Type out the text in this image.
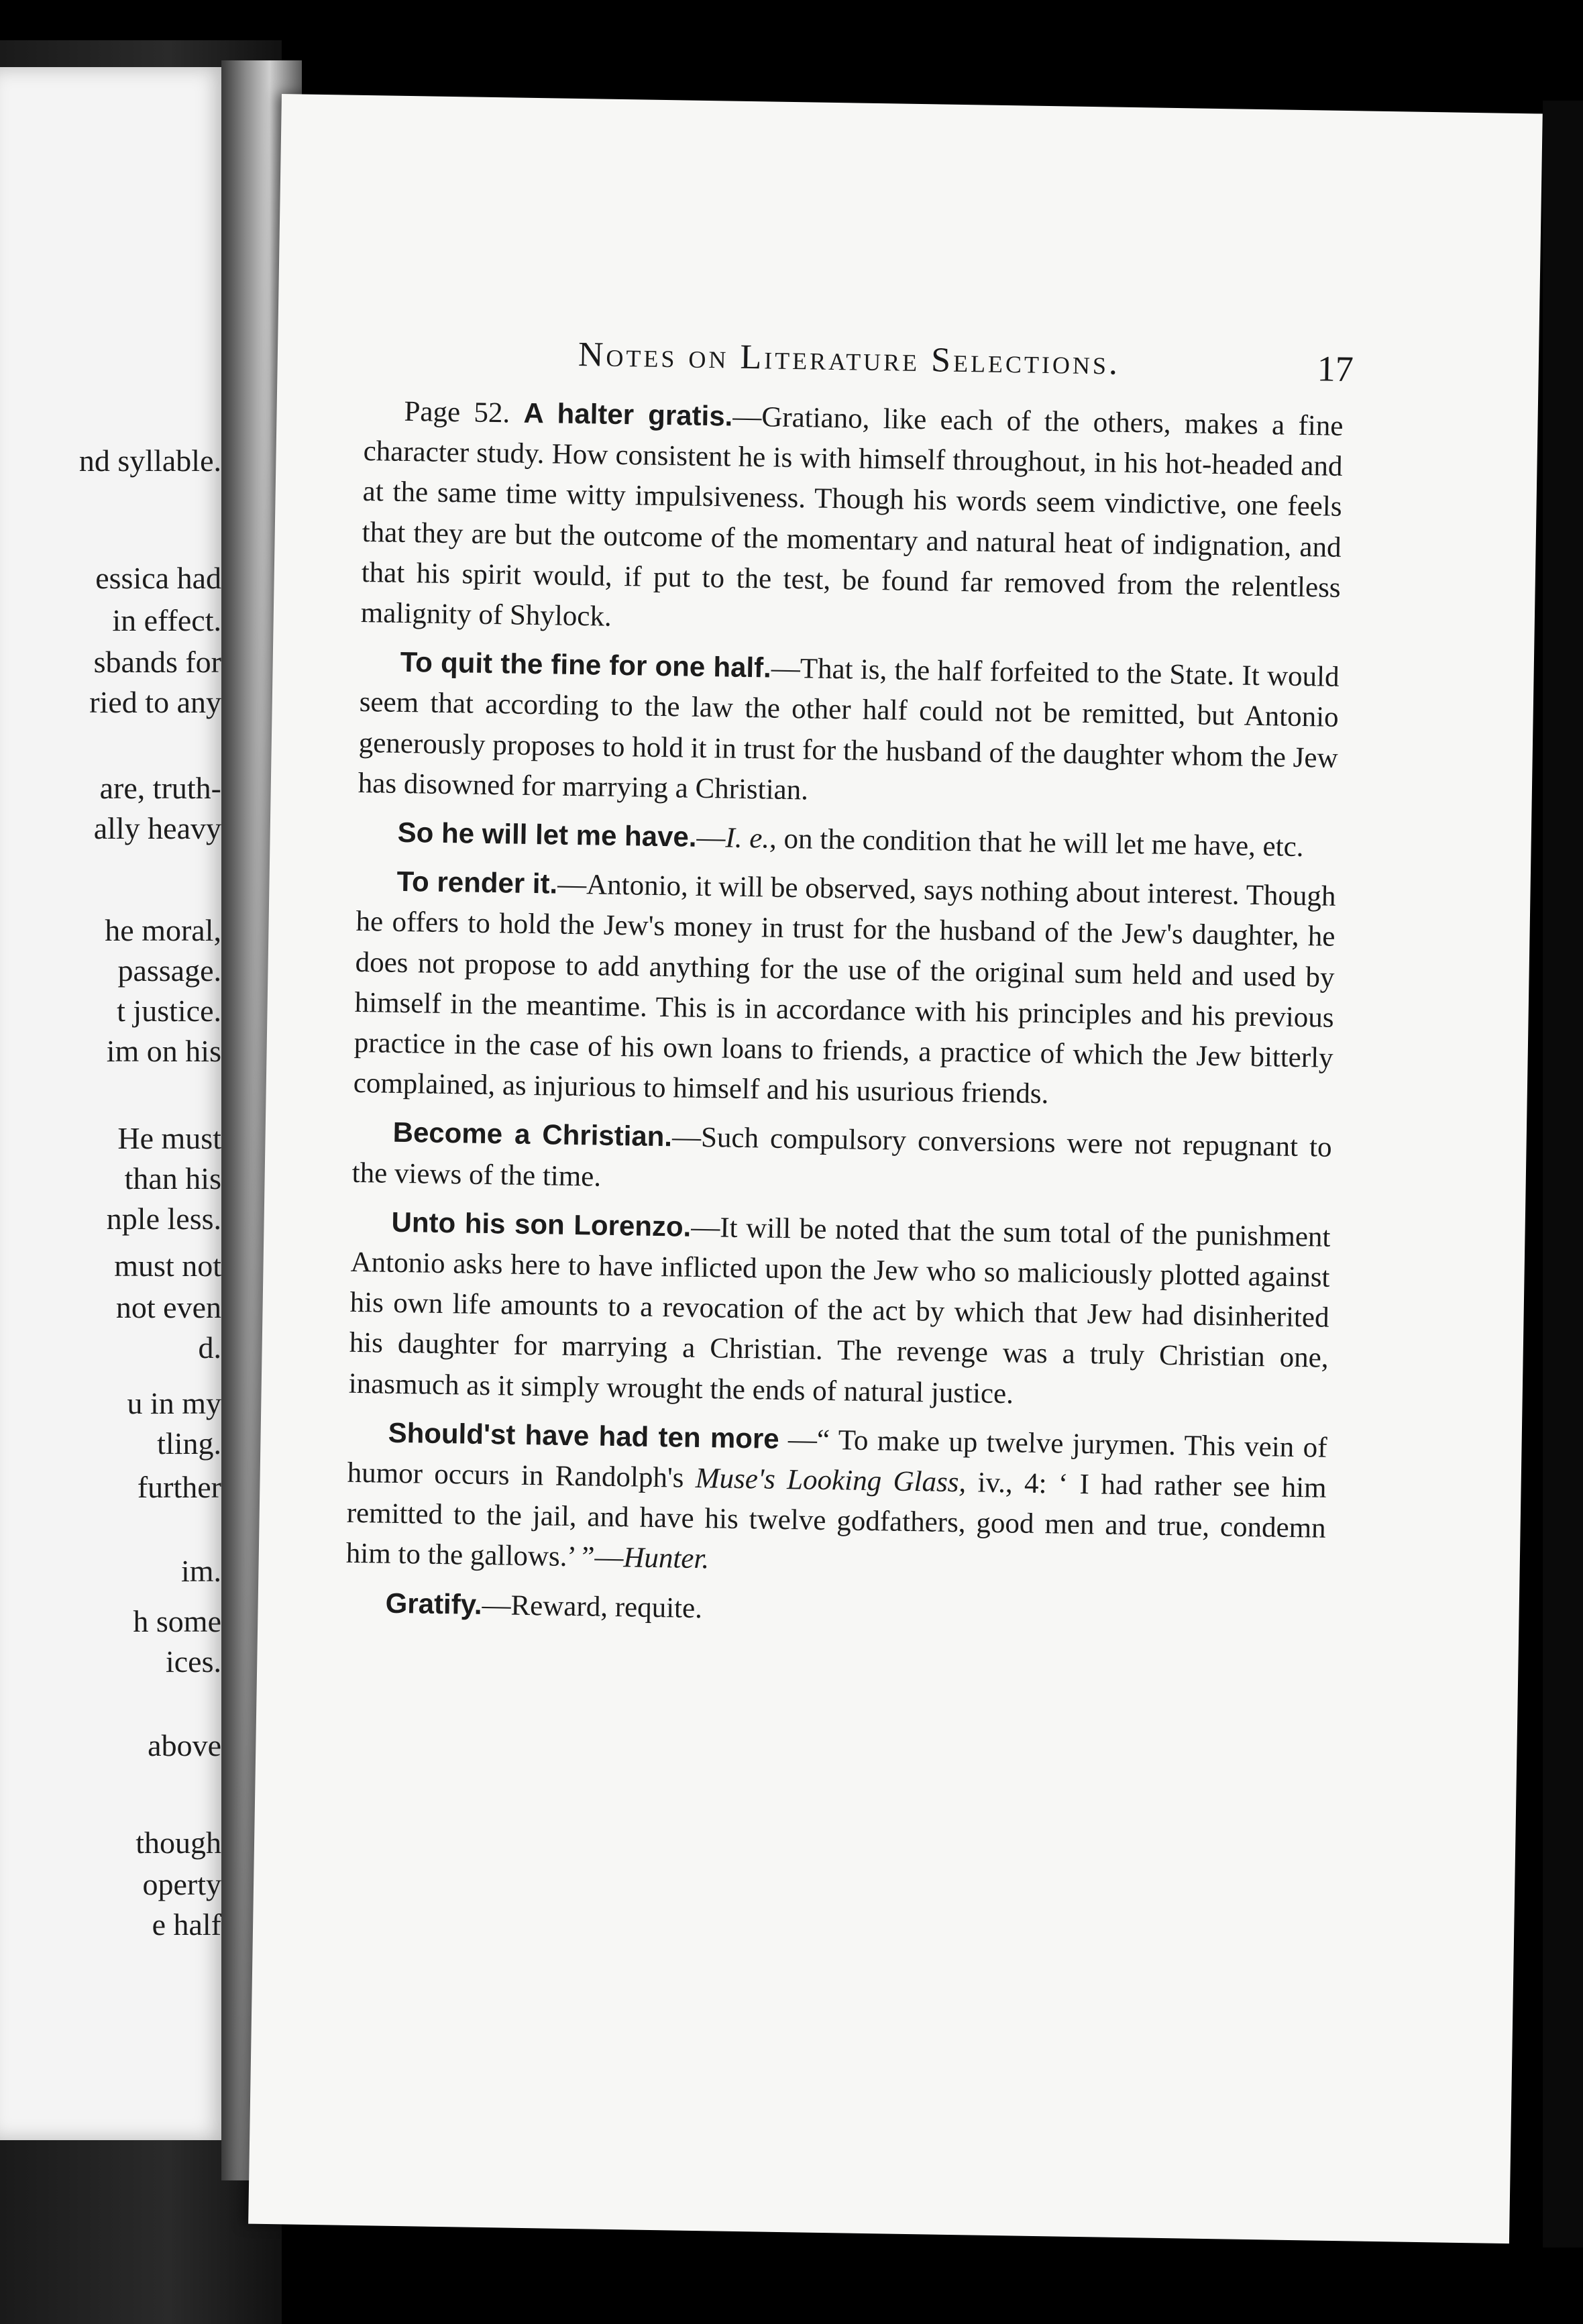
nd syllable.
essica had
in effect.
sbands for
ried to any
are, truth-
ally heavy
he moral,
passage.
t justice.
im on his
He must
than his
nple less.
must not
not even
d.
u in my
tling.
further
im.
h some
ices.
above
though
operty
e half
Notes on Literature Selections.	17

Page 52. A halter gratis.—Gratiano, like each of the others, makes a fine character study. How consistent he is with himself throughout, in his hot-headed and at the same time witty impulsiveness. Though his words seem vindictive, one feels that they are but the outcome of the momentary and natural heat of indignation, and that his spirit would, if put to the test, be found far removed from the relentless malignity of Shylock.

To quit the fine for one half.—That is, the half forfeited to the State. It would seem that according to the law the other half could not be remitted, but Antonio generously proposes to hold it in trust for the husband of the daughter whom the Jew has disowned for marrying a Christian.

So he will let me have.—I. e., on the condition that he will let me have, etc.

To render it.—Antonio, it will be observed, says nothing about interest. Though he offers to hold the Jew's money in trust for the husband of the Jew's daughter, he does not propose to add anything for the use of the original sum held and used by himself in the meantime. This is in accordance with his principles and his previous practice in the case of his own loans to friends, a practice of which the Jew bitterly complained, as injurious to himself and his usurious friends.

Become a Christian.—Such compulsory conversions were not repugnant to the views of the time.

Unto his son Lorenzo.—It will be noted that the sum total of the punishment Antonio asks here to have inflicted upon the Jew who so maliciously plotted against his own life amounts to a revocation of the act by which that Jew had disinherited his daughter for marrying a Christian. The revenge was a truly Christian one, inasmuch as it simply wrought the ends of natural justice.

Should'st have had ten more —“ To make up twelve jurymen. This vein of humor occurs in Randolph's Muse's Looking Glass, iv., 4: ‘ I had rather see him remitted to the jail, and have his twelve godfathers, good men and true, condemn him to the gallows.’ ”—Hunter.

Gratify.—Reward, requite.
